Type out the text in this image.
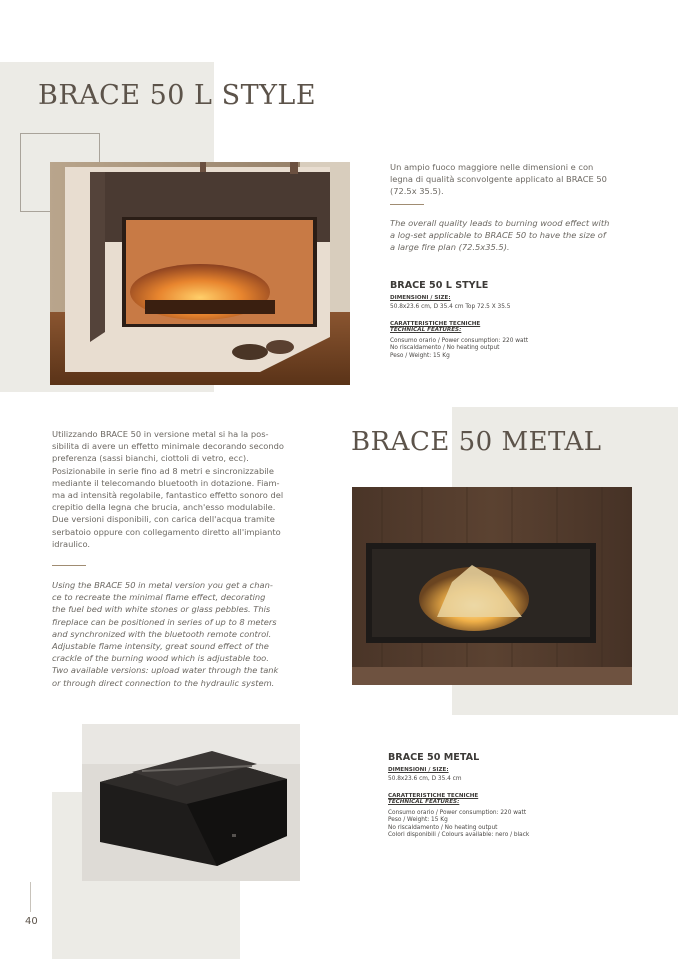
BRACE 50 L STYLE
Un ampio fuoco maggiore nelle dimensioni e con legna di qualità sconvolgente applicato al BRACE 50 (72.5x 35.5).
The overall quality leads to burning wood effect with a log-set applicable to BRACE 50 to have the size of a large fire plan (72.5x35.5).
BRACE 50 L STYLE
DIMENSIONI / SIZE:
50.8x23.6 cm, D 35.4 cm Top 72.5 X 35.5
CARATTERISTICHE TECNICHE
TECHNICAL FEATURES:
Consumo orario / Power consumption: 220 watt
No riscaldamento / No heating output
Peso / Weight: 15 Kg
Utilizzando BRACE 50 in versione metal si ha la pos-
sibilita di avere un effetto minimale decorando secondo
preferenza (sassi bianchi, ciottoli di vetro, ecc).
Posizionabile in serie fino ad 8 metri e sincronizzabile
mediante il telecomando bluetooth in dotazione. Fiam-
ma ad intensità regolabile, fantastico effetto sonoro del
crepitio della legna che brucia, anch'esso modulabile.
Due versioni disponibili, con carica dell'acqua tramite
serbatoio oppure con collegamento diretto all'impianto
idraulico.
Using the BRACE 50 in metal version you get a chan-
ce to recreate the minimal flame effect, decorating
the fuel bed with white stones or glass pebbles. This
fireplace can be positioned in series of up to 8 meters
and synchronized with the bluetooth remote control.
Adjustable flame intensity, great sound effect of the
crackle of the burning wood which is adjustable too.
Two available versions: upload water through the tank
or through direct connection to the hydraulic system.
BRACE 50 METAL
BRACE 50 METAL
DIMENSIONI / SIZE:
50.8x23.6 cm, D 35.4 cm
CARATTERISTICHE TECNICHE
TECHNICAL FEATURES:
Consumo orario / Power consumption: 220 watt
Peso / Weight: 15 Kg
No riscaldamento / No heating output
Colori disponibili / Colours available: nero / black
40
